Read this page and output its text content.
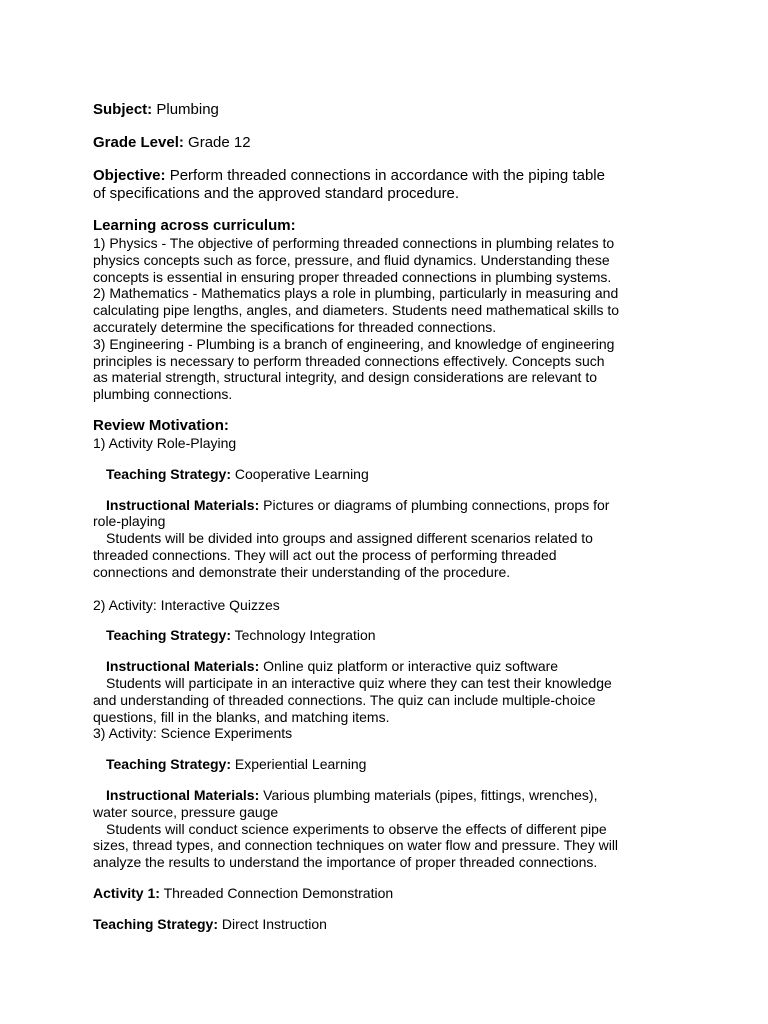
Subject: Plumbing
Grade Level: Grade 12
Objective: Perform threaded connections in accordance with the piping table
of specifications and the approved standard procedure.
Learning across curriculum:
1) Physics - The objective of performing threaded connections in plumbing relates to
physics concepts such as force, pressure, and fluid dynamics. Understanding these
concepts is essential in ensuring proper threaded connections in plumbing systems.
2) Mathematics - Mathematics plays a role in plumbing, particularly in measuring and
calculating pipe lengths, angles, and diameters. Students need mathematical skills to
accurately determine the specifications for threaded connections.
3) Engineering - Plumbing is a branch of engineering, and knowledge of engineering
principles is necessary to perform threaded connections effectively. Concepts such
as material strength, structural integrity, and design considerations are relevant to
plumbing connections.
Review Motivation:
1) Activity Role-Playing
Teaching Strategy: Cooperative Learning
Instructional Materials: Pictures or diagrams of plumbing connections, props for
role-playing
Students will be divided into groups and assigned different scenarios related to
threaded connections. They will act out the process of performing threaded
connections and demonstrate their understanding of the procedure.
2) Activity: Interactive Quizzes
Teaching Strategy: Technology Integration
Instructional Materials: Online quiz platform or interactive quiz software
Students will participate in an interactive quiz where they can test their knowledge
and understanding of threaded connections. The quiz can include multiple-choice
questions, fill in the blanks, and matching items.
3) Activity: Science Experiments
Teaching Strategy: Experiential Learning
Instructional Materials: Various plumbing materials (pipes, fittings, wrenches),
water source, pressure gauge
Students will conduct science experiments to observe the effects of different pipe
sizes, thread types, and connection techniques on water flow and pressure. They will
analyze the results to understand the importance of proper threaded connections.
Activity 1: Threaded Connection Demonstration
Teaching Strategy: Direct Instruction
